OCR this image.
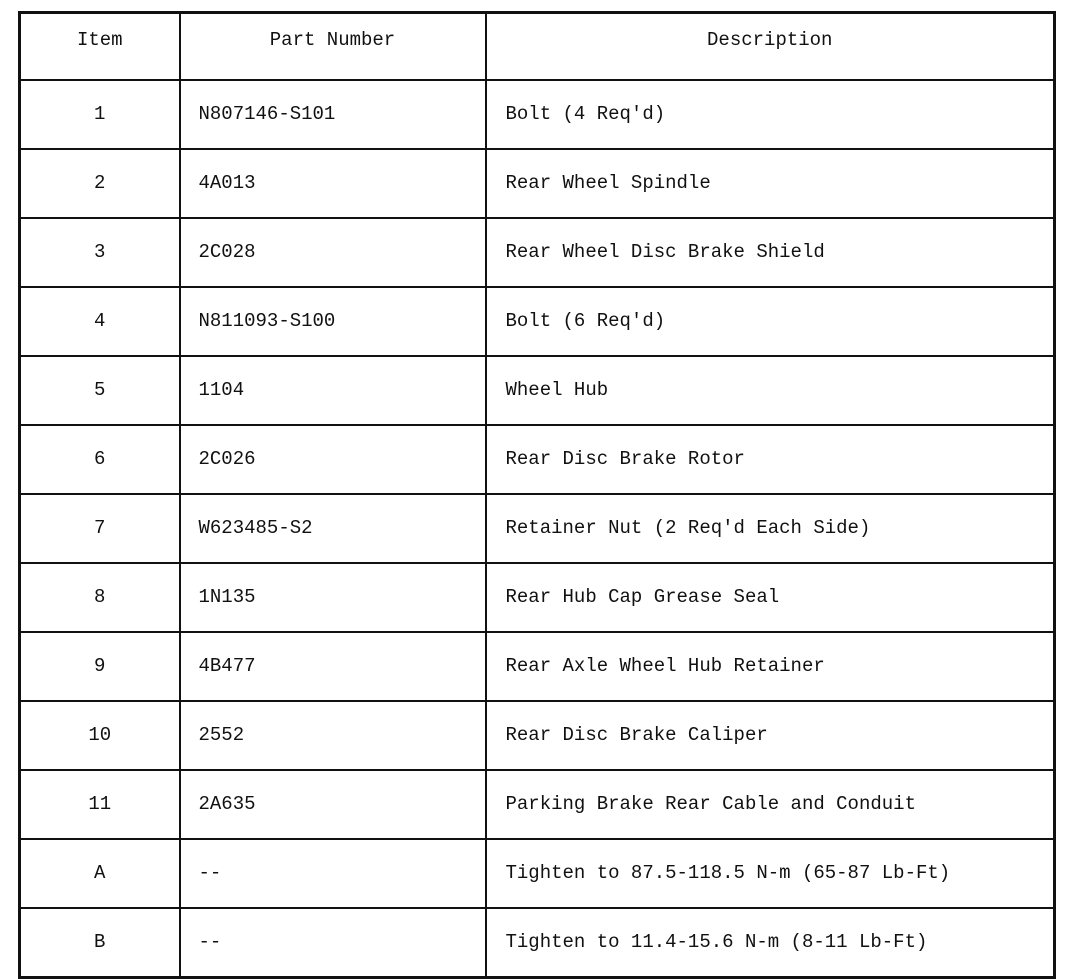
Item	Part Number	Description
1	N807146-S101	Bolt (4 Req'd)
2	4A013	Rear Wheel Spindle
3	2C028	Rear Wheel Disc Brake Shield
4	N811093-S100	Bolt (6 Req'd)
5	1104	Wheel Hub
6	2C026	Rear Disc Brake Rotor
7	W623485-S2	Retainer Nut (2 Req'd Each Side)
8	1N135	Rear Hub Cap Grease Seal
9	4B477	Rear Axle Wheel Hub Retainer
10	2552	Rear Disc Brake Caliper
11	2A635	Parking Brake Rear Cable and Conduit
A	--	Tighten to 87.5-118.5 N-m (65-87 Lb-Ft)
B	--	Tighten to 11.4-15.6 N-m (8-11 Lb-Ft)
